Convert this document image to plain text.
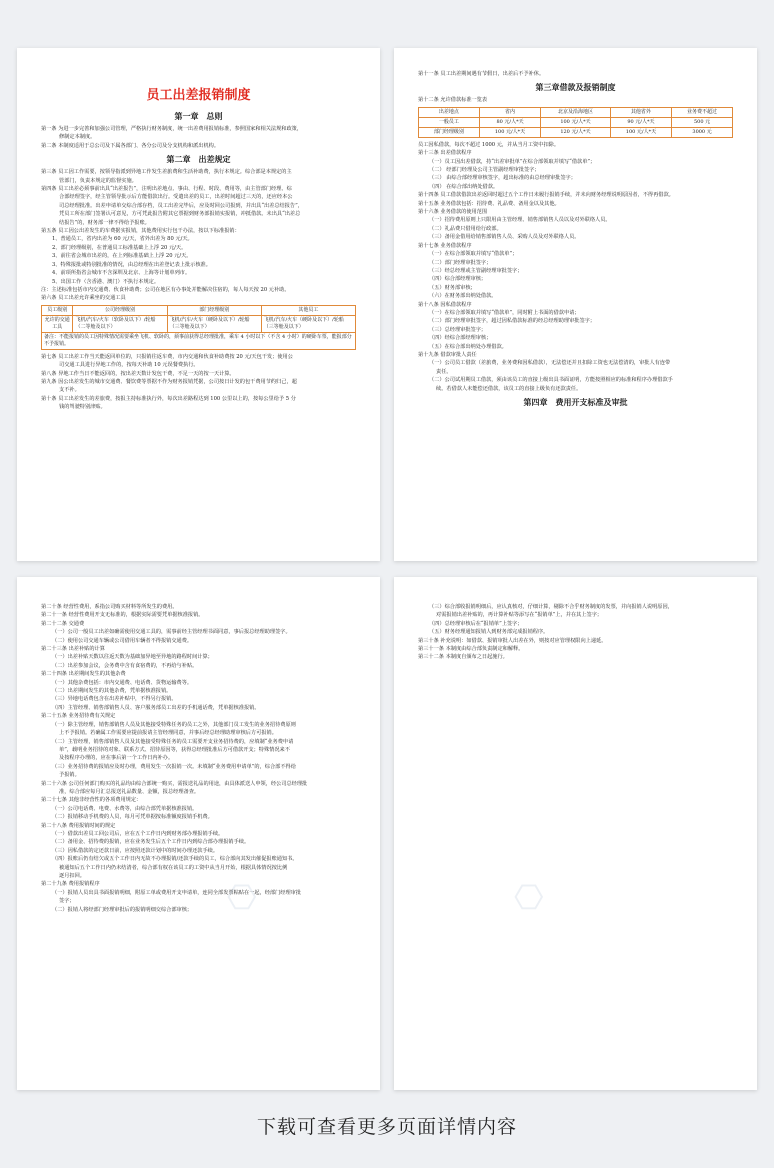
员工出差报销制度
第一章　总则
第一条 为进一步完善和加强公司管理，严格执行财务制度，统一出差费用报销标准，参照国家和相关法规和政策，
修制定本制度。
第二条 本制度适用于总公司及下属各部门、各分公司及分支机构和派出机构。
第二章　出差规定
第三条 员工因工作需要，按领导指派到异地工作发生差旅费和生活补助费，执行本规定。综合部是本规定的主
管部门，负责本规定的监督实施。
第四条 员工出差必须事前出具“出差报告”，注明出差地点、事由、行程、时段、费用等，由主管部门经理、综
合部经理签字，经主管领导批示后方能借款出行。受遣出差的员工，出差时间超过三天的，还应经本公
司总经理批准。出差申请单交综合部存档，员工出差完毕后，应及时回公司报到，并出具“出差总结报告”，
凭员工所在部门签署认可意见，方可凭此报告附其它票据到财务部报销实报销，冲抵借款。未出具“出差总
结报告”的，财务部一律不得给予报账。
第五条 员工因公出差发生的车费据实报销，其他费用实行包干办法，按以下标准报销：
1、普通员工，省内出差为 60 元/天，省外出差为 80 元/天。
2、部门经理级别，在普通员工标准基础上上浮 20 元/天。
3、前往省会城市出差的，在上列标准基础上上浮 20 元/天。
3、特殊报批或特别批准的情况，由总经理在出差登记表上批示核准。
4、前项所指省会城市不含深圳及北京、上海等计划单列市。
5、出国工作（含香港、澳门）不执行本规定。
注：主述标准包括市内交通费、伙食补助费；公司在地区有办事处并能解决住宿的，每人每天按 20 元补助。
第六条 员工出差允许乘坐的交通工具
员工级别	公司经理级别	部门经理级别	其他员工
允许的交通工具	飞机/汽车/火车（软卧及以下）/轮船（二等舱及以下）	飞机/汽车/火车（硬卧及以下）/轮船（三等舱及以下）	飞机/汽车/火车（硬卧及以下）/轮船（三等舱及以下）
备注：不能报销的员工因特殊情况需要乘坐飞机、软卧的，须事前获得总经理批准，乘车 4 小时以下（不含 4 小时）的硬卧车票，能报部分不予报销。			
第七条 员工出差工作当天能返回单位的，只报销往返车费，市内交通和伙食补助费按 20 元/天包干发；使用公
司交通工具进行异地工作的，按每天补助 10 元误餐费执行。
第八条 异地工作当日不能返回的，按出差天数计发包干费，不足一天的按一天计算。
第九条 因公出差发生的城市交通费、餐饮费等票据不作为财务报销凭据，公司按日计发的包干费用节约归己，超
支不补。
第十条 员工出差发生的差旅费，按报主持标准执行外，每次出差路程达到 100 公里以上的，按每公里给予 5 分
钱的驾驶特别津贴。
第十一条 员工出差期间遇有节假日，出差后不予补休。
第三章借款及报销制度
第十二条 允许借款标准一览表
出差地点	省内	北京及沿海地区	其他省外	业务费不超过
一般员工	80 元/人*天	100 元/人*天	90 元/人*天	500 元
部门经理级别	100 元/人*天	120 元/人*天	100 元/人*天	3000 元
员工因私借款，每次不超过 1000 元，并从当月工资中扣除。
第十三条 出差借款程序
（一）员工因出差借款，持“出差审批单”在综合部领取并填写“借款单”；
（二） 经部门经理及公司主管副经理审批签字；
（三） 由综合部经理审核签字，超出标准的由总经理审批签字；
（四） 在综合部出纳处借款。
第十四条 员工借款借款出差返回时超过五个工作日未履行报销手续，并未向财务经理说明原因者，不得再借款。
第十五条 业务借款包括：招待费、礼品费、备用金以及其他。
第十六条 业务借款的使用范围
（一）招待费用原则上只限用由主管经理、销售部销售人员以及对外联络人员。
（二）礼品费只借用给行政部。
（三）备用金借用给销售部销售人员、采购人员及对外联络人员。
第十七条 业务借款程序
（一）在综合部领取并填写“借款单”；
（二）部门经理审批签字；
（三）经总经理或主管副经理审批签字；
（四）综合部经理审核；
（五）财务部审核；
（六）在财务部出纳处借款。
第十八条 因私借款程序
（一）在综合部领取并填写“借款单”，同时附上书面的借款申请；
（二）部门经理审批签字，超过因私借款标准的经总经理助理审批签字；
（三）总经理审批签字；
（四）经综合部经理审核；
（五）在综合部出纳处办理借款。
第十九条 借款审批人责任
（一）公司员工借款（差旅费，业务费和因私借款），无法偿还并且扣除工资也无法偿清的，审批人有连带
责任。
（二）公司试用期员工借款，须由该员工的直接上级出具书面证明，方能按照相应的标准和程序办理借款手
续。若借款人未能偿还借款，该员工的直接上级负有还款责任。
第四章　费用开支标准及审批
⬡
第二十条 经营性费用，系指公司购买材料等所发生的费用。
第二十一条 经营性费用开支无标准的，根据实际需要凭单据核准报销。
第二十二条 交通费
（一）公司一般员工出差如确需使用交通工具的，需事前经主管经理书面同意，事后报总经理助理签字。
（二）使用公司交通车辆或公司借用车辆者不得报销交通费。
第二十三条 出差补贴的计算
（一）出差补贴天数以往返天数为基础加异地至异地的路程时间计算；
（二）出差参加会议，会务费中含有食宿费的，不再给与补贴。
第二十四条 出差期间发生的其他杂费
（一）其他杂费包括：市内交通费、电话费、货物运输费等。
（二）出差期间发生的其他杂费，凭单据核准报销。
（三）异地电话费包含在出差补贴中，不得另行报销。
（四）主管经理、销售部销售人员、客户服务部员工出差的手机通话费，凭单据核准报销。
第二十五条 业务招待费有关规定
（一）除主管经理，销售部销售人员及其他接受特殊任务的员工之外，其他部门员工发生的业务招待费原则
上不予报销。若确属工作需要应提前报请主管经理同意，并事后经总经理助理审核后方可报销。
（二）主管经理，销售部销售人员及其他接受特殊任务的员工需要开支业务招待费的，应填制“业务费申请
单”，载明业务招待的对象、联系方式、招待原因等，获得总经理批准后方可借款开支；特殊情况来不
及按程序办理的，应在事后第一个工作日内补办。
（三）业务招待费的报销应及时办理，费用发生一次报销一次。未填制“业务费用申请单”的，综合部不得给
予报销。
第二十六条 公司任何部门购买的礼品均由综合部统一购买，需报送礼品的用途，由具体派送人申领，经公司总经理批
准，综合部应每月汇总报送礼品数量、金额，报总经理备查。
第二十七条 其他非经营性的各项费用规定：
（一）公司电话费、电费、水费等，由综合部凭单据核准报销。
（二）报销移动手机费的人员，每月可凭单据按标准额度报销手机费。
第二十八条 费用报销时间的规定
（一）借款出差员工回公司后，应在五个工作日内到财务部办理报销手续。
（二）备用金、招待费的报销，应在业务发生后五个工作日内到综合部办理报销手续。
（三）因私借款的定还款日前，应按照还款计划中的时间办理还款手续。
（四）报账后仍有结欠或五个工作日内无故不办理报销/还款手续的员工，综合部向其发出催促报账通知书。
被通知后五个工作日内仍未结清者，综合部有权在该员工的工资中从当月开始，根据具体情况按比例
逐月扣回。
第二十九条 费用报销程序
（一）报销人员出具书面报销明细，附原工单或费用开支申请单，连同全部发票粘贴在一起，经部门经理审批
签字；
（二）报销人将经部门经理审批后的报销明细交综合部审核；	⬡
（三）综合部收报销明细后，应认真核对，仔细计算，剔除不合乎财务制度的发票，并向报销人说明原因，
对需报销出差补贴的，再计算补贴等添写在“报销单”上，并在其上签字；
（四）总经理审核后在“报销单”上签字；
（五）财务经理通知报销人到财务部完成报销程序。
第三十条 补充说明：如借款、报销审批人出差在外，则按对应管理权限向上递延。
第三十一条 本制度由综合部负责制定和解释。
第三十二条 本制度自颁布之日起施行。
下载可查看更多页面详情内容
